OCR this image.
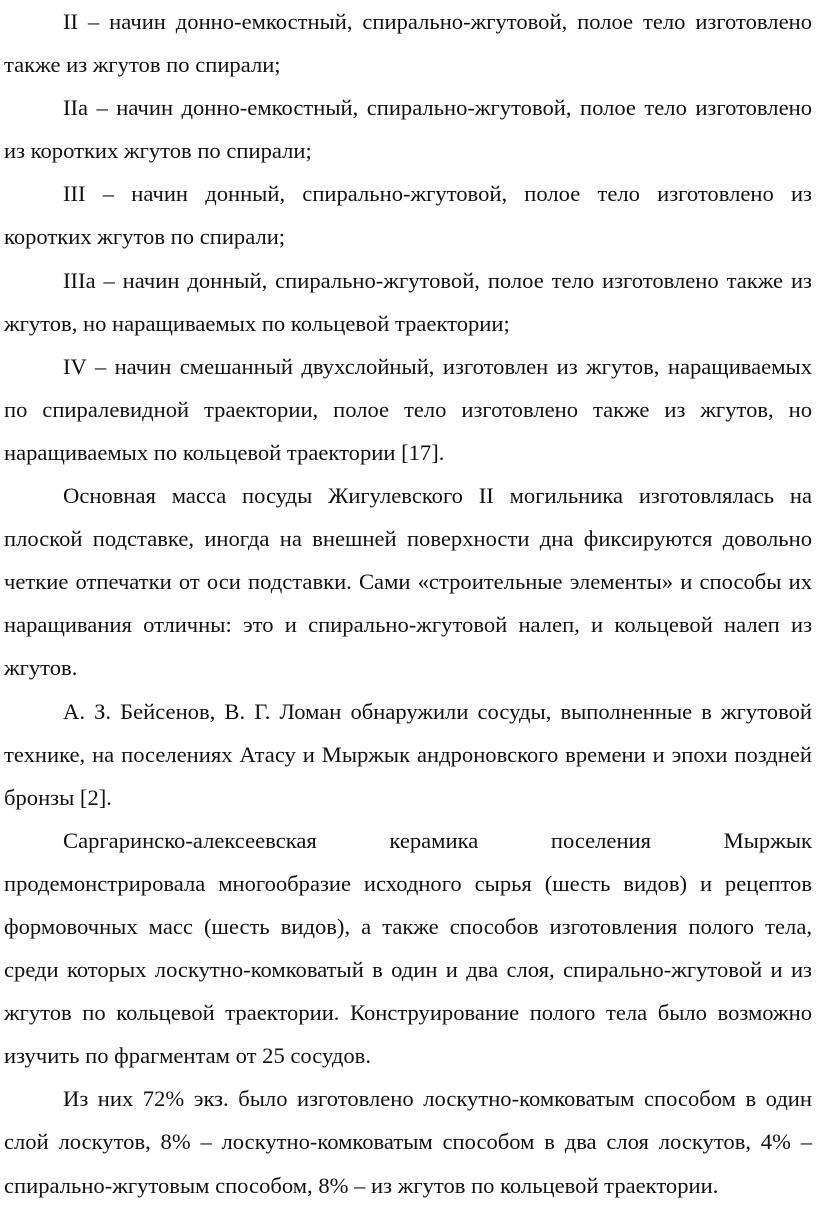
II – начин донно-емкостный, спирально-жгутовой, полое тело изготовлено также из жгутов по спирали;

IIа – начин донно-емкостный, спирально-жгутовой, полое тело изготовлено из коротких жгутов по спирали;

III – начин донный, спирально-жгутовой, полое тело изготовлено из коротких жгутов по спирали;

IIIа – начин донный, спирально-жгутовой, полое тело изготовлено также из жгутов, но наращиваемых по кольцевой траектории;

IV – начин смешанный двухслойный, изготовлен из жгутов, наращиваемых по спиралевидной траектории, полое тело изготовлено также из жгутов, но наращиваемых по кольцевой траектории [17].

Основная масса посуды Жигулевского II могильника изготовлялась на плоской подставке, иногда на внешней поверхности дна фиксируются довольно четкие отпечатки от оси подставки. Сами «строительные элементы» и способы их наращивания отличны: это и спирально-жгутовой налеп, и кольцевой налеп из жгутов.

А. З. Бейсенов, В. Г. Ломан обнаружили сосуды, выполненные в жгутовой технике, на поселениях Атасу и Мыржык андроновского времени и эпохи поздней бронзы [2].

Саргаринско-алексеевская керамика поселения Мыржык продемонстрировала многообразие исходного сырья (шесть видов) и рецептов формовочных масс (шесть видов), а также способов изготовления полого тела, среди которых лоскутно-комковатый в один и два слоя, спирально-жгутовой и из жгутов по кольцевой траектории. Конструирование полого тела было возможно изучить по фрагментам от 25 сосудов.

Из них 72% экз. было изготовлено лоскутно-комковатым способом в один слой лоскутов, 8% – лоскутно-комковатым способом в два слоя лоскутов, 4% – спирально-жгутовым способом, 8% – из жгутов по кольцевой траектории.
